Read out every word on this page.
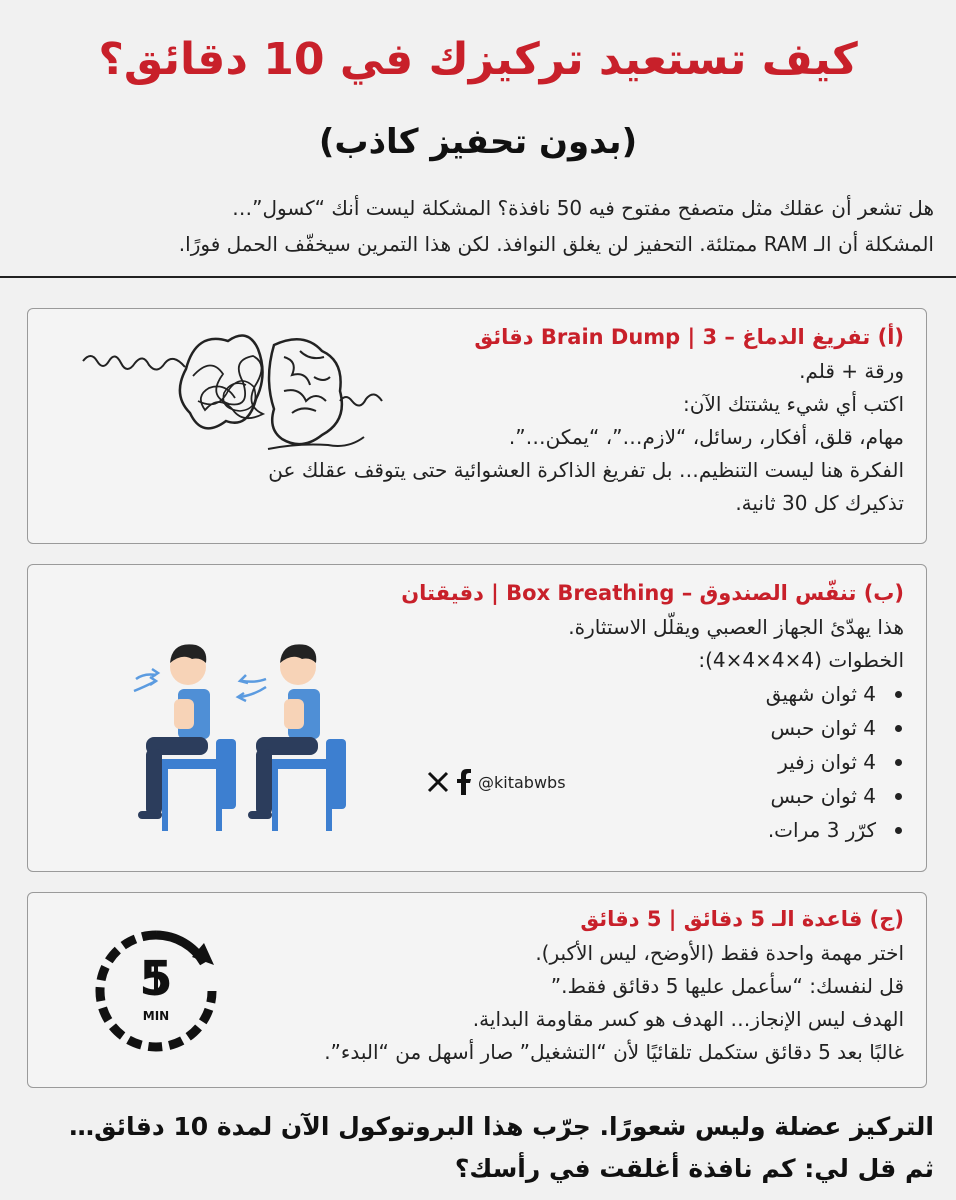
كيف تستعيد تركيزك في 10 دقائق؟
(بدون تحفيز كاذب)
هل تشعر أن عقلك مثل متصفح مفتوح فيه 50 نافذة؟ المشكلة ليست أنك “كسول”…
المشكلة أن الـ RAM ممتلئة. التحفيز لن يغلق النوافذ. لكن هذا التمرين سيخفّف الحمل فورًا.
(أ) تفريغ الدماغ – Brain Dump | 3 دقائق
ورقة + قلم.
اكتب أي شيء يشتتك الآن:
مهام، قلق، أفكار، رسائل، “لازم…”، “يمكن…”.
الفكرة هنا ليست التنظيم… بل تفريغ الذاكرة العشوائية حتى يتوقف عقلك عن
تذكيرك كل 30 ثانية.
(ب) تنفّس الصندوق – Box Breathing | دقيقتان
هذا يهدّئ الجهاز العصبي ويقلّل الاستثارة.
الخطوات (4×4×4×4):
4 ثوان شهيق
4 ثوان حبس
4 ثوان زفير
4 ثوان حبس
كرّر 3 مرات.
@kitabwbs
(ج) قاعدة الـ 5 دقائق | 5 دقائق
اختر مهمة واحدة فقط (الأوضح، ليس الأكبر).
قل لنفسك: “سأعمل عليها 5 دقائق فقط.”
الهدف ليس الإنجاز… الهدف هو كسر مقاومة البداية.
غالبًا بعد 5 دقائق ستكمل تلقائيًا لأن “التشغيل” صار أسهل من “البدء”.
5
MIN
التركيز عضلة وليس شعورًا. جرّب هذا البروتوكول الآن لمدة 10 دقائق…
ثم قل لي: كم نافذة أغلقت في رأسك؟
